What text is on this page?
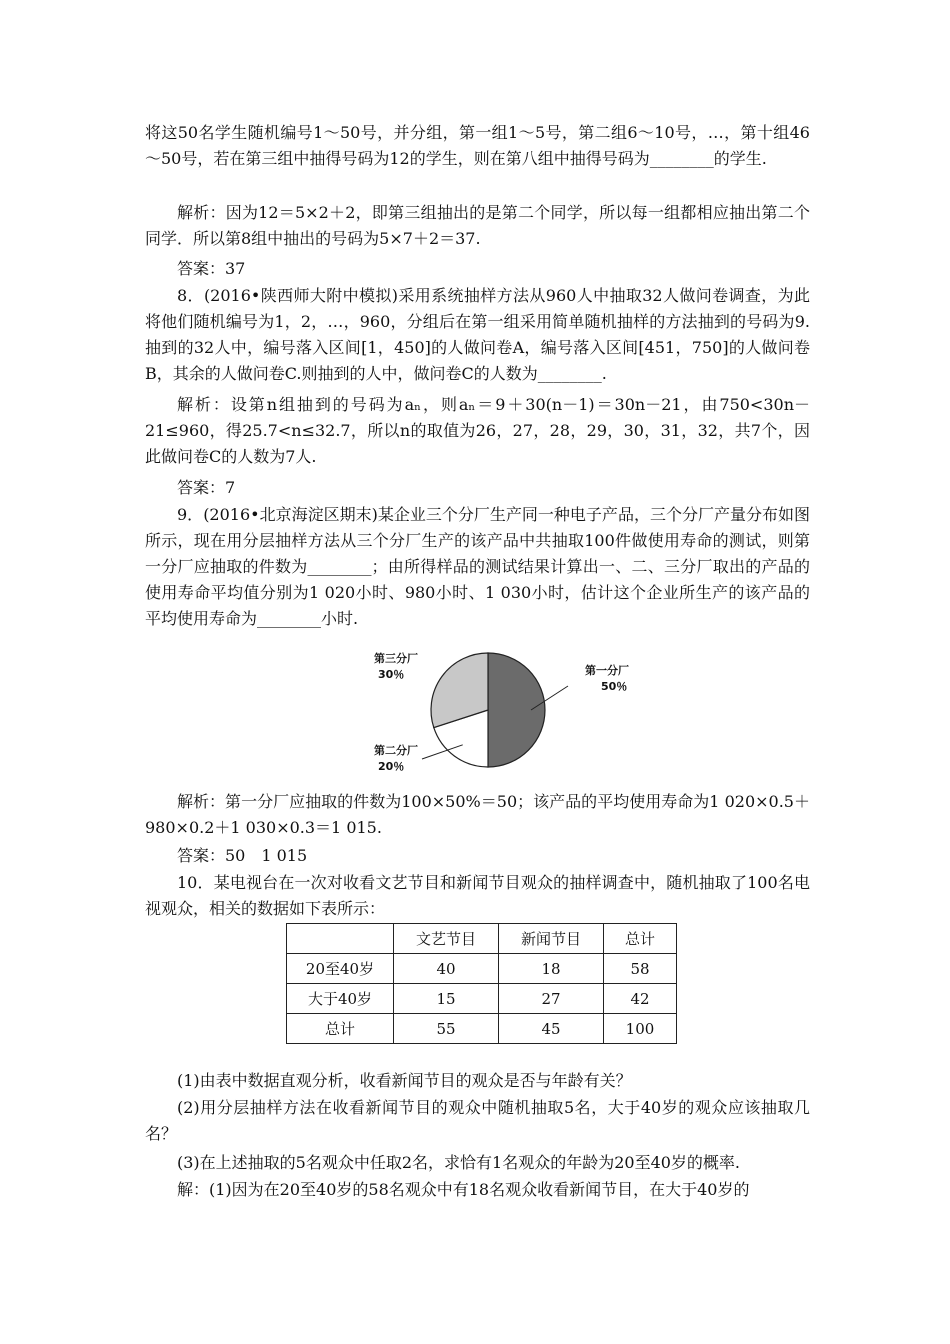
将这50名学生随机编号1～50号，并分组，第一组1～5号，第二组6～10号，…，第十组46～50号，若在第三组中抽得号码为12的学生，则在第八组中抽得号码为________的学生.
解析：因为12＝5×2＋2，即第三组抽出的是第二个同学，所以每一组都相应抽出第二个同学．所以第8组中抽出的号码为5×7＋2＝37.
答案：37
8．(2016•陕西师大附中模拟)采用系统抽样方法从960人中抽取32人做问卷调查，为此将他们随机编号为1，2，…，960，分组后在第一组采用简单随机抽样的方法抽到的号码为9.抽到的32人中，编号落入区间[1，450]的人做问卷A，编号落入区间[451，750]的人做问卷B，其余的人做问卷C.则抽到的人中，做问卷C的人数为________.
解析：设第n组抽到的号码为aₙ，则aₙ＝9＋30(n－1)＝30n－21，由750<30n－21≤960，得25.7<n≤32.7，所以n的取值为26，27，28，29，30，31，32，共7个，因此做问卷C的人数为7人.
答案：7
9．(2016•北京海淀区期末)某企业三个分厂生产同一种电子产品，三个分厂产量分布如图所示，现在用分层抽样方法从三个分厂生产的该产品中共抽取100件做使用寿命的测试，则第一分厂应抽取的件数为________；由所得样品的测试结果计算出一、二、三分厂取出的产品的使用寿命平均值分别为1 020小时、980小时、1 030小时，估计这个企业所生产的该产品的平均使用寿命为________小时.
第一分厂
50％
第二分厂
20％
第三分厂
30％
解析：第一分厂应抽取的件数为100×50%＝50；该产品的平均使用寿命为1 020×0.5＋980×0.2＋1 030×0.3＝1 015.
答案：50　1 015
10．某电视台在一次对收看文艺节目和新闻节目观众的抽样调查中，随机抽取了100名电视观众，相关的数据如下表所示：
	文艺节目	新闻节目	总计
20至40岁	40	18	58
大于40岁	15	27	42
总计	55	45	100
(1)由表中数据直观分析，收看新闻节目的观众是否与年龄有关？
(2)用分层抽样方法在收看新闻节目的观众中随机抽取5名，大于40岁的观众应该抽取几名？
(3)在上述抽取的5名观众中任取2名，求恰有1名观众的年龄为20至40岁的概率.
解：(1)因为在20至40岁的58名观众中有18名观众收看新闻节目，在大于40岁的
